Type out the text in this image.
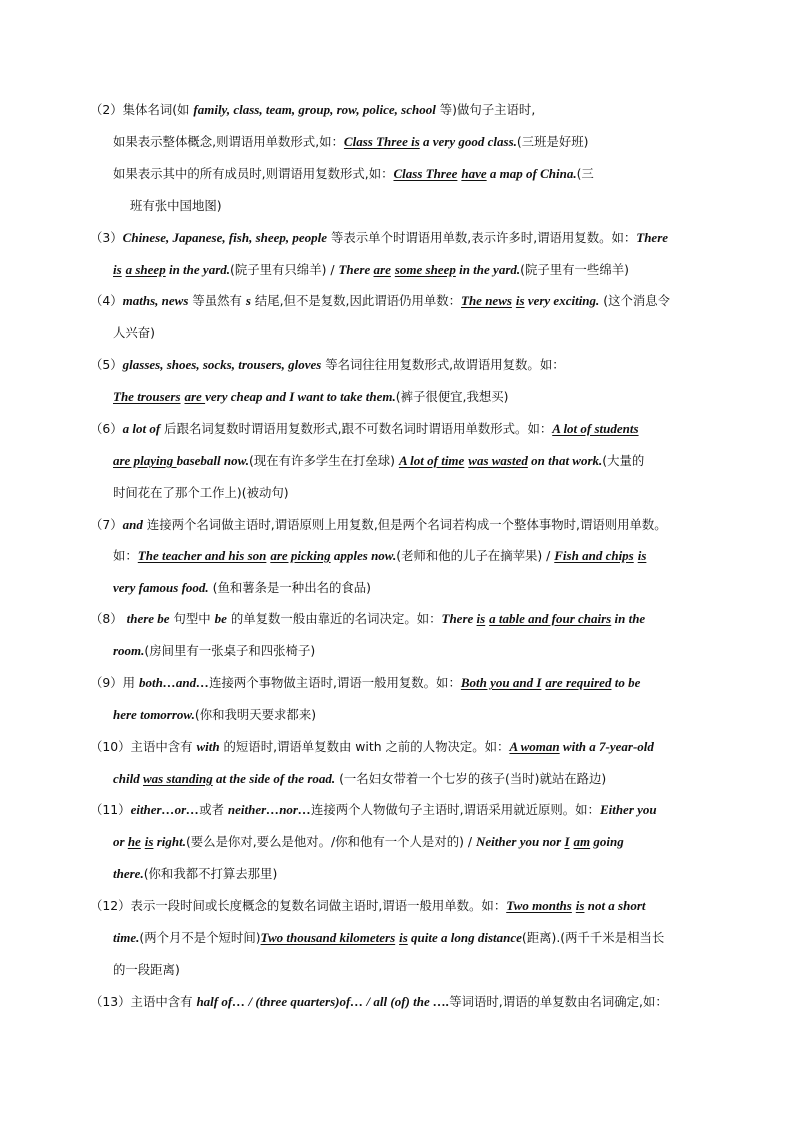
（2）集体名词(如 family, class, team, group, row, police, school 等)做句子主语时,
如果表示整体概念,则谓语用单数形式,如：Class Three is a very good class.(三班是好班)
如果表示其中的所有成员时,则谓语用复数形式,如：Class Three have a map of China.(三
班有张中国地图)
（3）Chinese, Japanese, fish, sheep, people 等表示单个时谓语用单数,表示许多时,谓语用复数。如：There
is a sheep in the yard.(院子里有只绵羊) / There are some sheep in the yard.(院子里有一些绵羊)
（4）maths, news 等虽然有 s 结尾,但不是复数,因此谓语仍用单数：The news is very exciting. (这个消息令
人兴奋)
（5）glasses, shoes, socks, trousers, gloves 等名词往往用复数形式,故谓语用复数。如：
The trousers are very cheap and I want to take them.(裤子很便宜,我想买)
（6）a lot of 后跟名词复数时谓语用复数形式,跟不可数名词时谓语用单数形式。如：A lot of students
are playing baseball now.(现在有许多学生在打垒球) A lot of time was wasted on that work.(大量的
时间花在了那个工作上)(被动句)
（7）and 连接两个名词做主语时,谓语原则上用复数,但是两个名词若构成一个整体事物时,谓语则用单数。
如：The teacher and his son are picking apples now.(老师和他的儿子在摘苹果) / Fish and chips is
very famous food. (鱼和薯条是一种出名的食品)
（8） there be 句型中 be 的单复数一般由靠近的名词决定。如：There is a table and four chairs in the
room.(房间里有一张桌子和四张椅子)
（9）用 both…and…连接两个事物做主语时,谓语一般用复数。如：Both you and I are required to be
here tomorrow.(你和我明天要求都来)
（10）主语中含有 with 的短语时,谓语单复数由 with 之前的人物决定。如：A woman with a 7-year-old
child was standing at the side of the road. (一名妇女带着一个七岁的孩子(当时)就站在路边)
（11）either…or…或者 neither…nor…连接两个人物做句子主语时,谓语采用就近原则。如：Either you
or he is right.(要么是你对,要么是他对。/你和他有一个人是对的) / Neither you nor I am going
there.(你和我都不打算去那里)
（12）表示一段时间或长度概念的复数名词做主语时,谓语一般用单数。如：Two months is not a short
time.(两个月不是个短时间)Two thousand kilometers is quite a long distance(距离).(两千千米是相当长
的一段距离)
（13）主语中含有 half of… / (three quarters)of… / all (of) the ….等词语时,谓语的单复数由名词确定,如：
